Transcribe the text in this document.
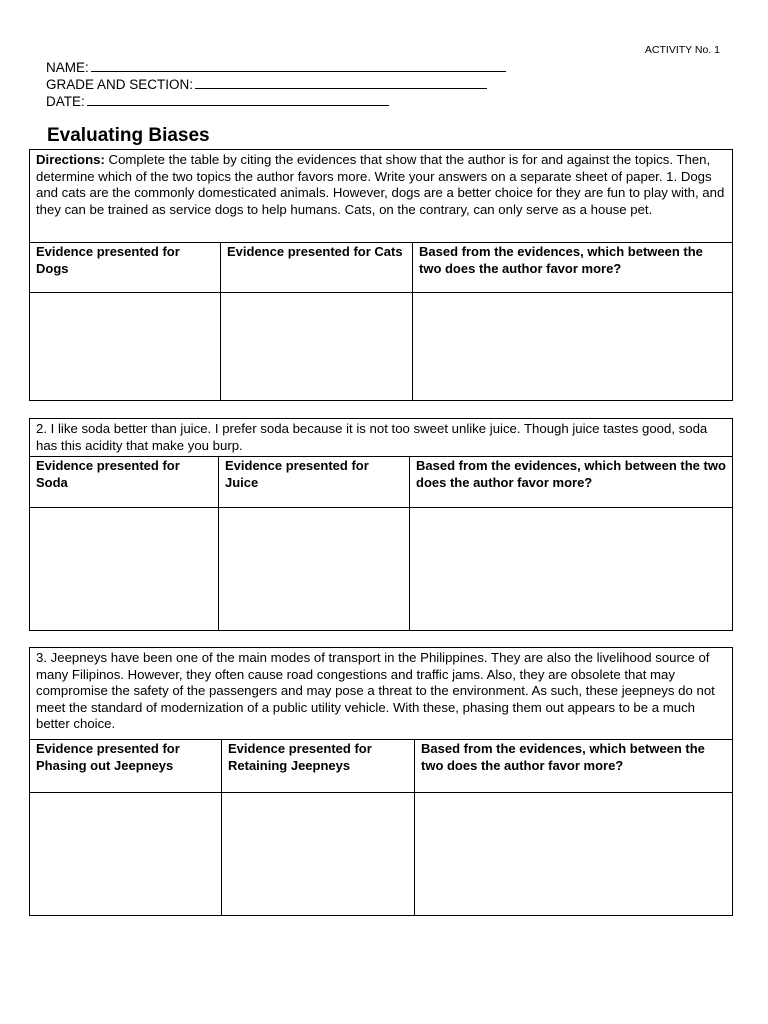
ACTIVITY No. 1
NAME:
GRADE AND SECTION:
DATE:
Evaluating Biases
Directions: Complete the table by citing the evidences that show that the author is for and against the topics. Then, determine which of the two topics the author favors more. Write your answers on a separate sheet of paper. 1. Dogs and cats are the commonly domesticated animals. However, dogs are a better choice for they are fun to play with, and they can be trained as service dogs to help humans. Cats, on the contrary, can only serve as a house pet.
Evidence presented for Dogs
Evidence presented for Cats	Based from the evidences, which between the two does the author favor more?
2. I like soda better than juice. I prefer soda because it is not too sweet unlike juice. Though juice tastes good, soda has this acidity that make you burp.
Evidence presented for Soda
Evidence presented for Juice
Based from the evidences, which between the two does the author favor more?
3. Jeepneys have been one of the main modes of transport in the Philippines. They are also the livelihood source of many Filipinos. However, they often cause road congestions and traffic jams. Also, they are obsolete that may compromise the safety of the passengers and may pose a threat to the environment. As such, these jeepneys do not meet the standard of modernization of a public utility vehicle. With these, phasing them out appears to be a much better choice.
Evidence presented for Phasing out Jeepneys
Evidence presented for Retaining Jeepneys
Based from the evidences, which between the two does the author favor more?
